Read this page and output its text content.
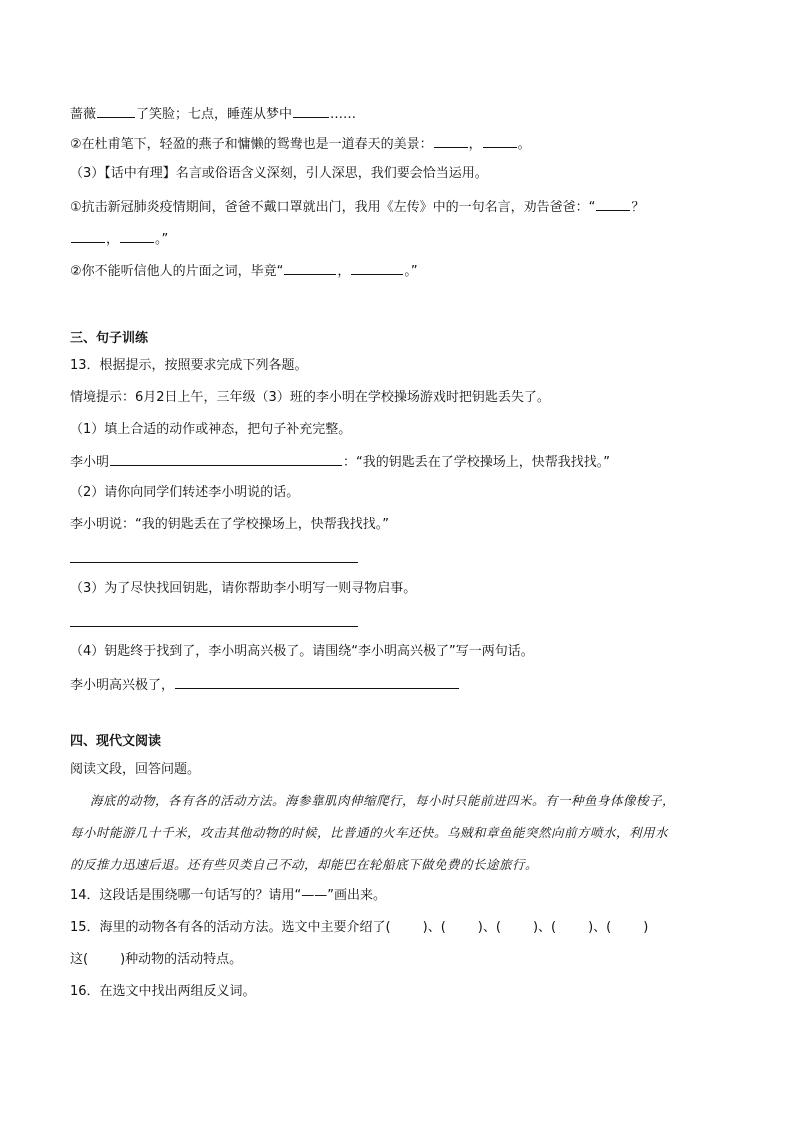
蔷薇	了笑脸；七点，睡莲从梦中	……
②在杜甫笔下，轻盈的燕子和慵懒的鸳鸯也是一道春天的美景：	，	。
（3）【话中有理】名言或俗语含义深刻，引人深思，我们要会恰当运用。
①抗击新冠肺炎疫情期间，爸爸不戴口罩就出门，我用《左传》中的一句名言，劝告爸爸：“	？
，	。”
②你不能听信他人的片面之词，毕竟“	，	。”
三、句子训练
13．根据提示，按照要求完成下列各题。
情境提示：6月2日上午，三年级（3）班的李小明在学校操场游戏时把钥匙丢失了。
（1）填上合适的动作或神态，把句子补充完整。
李小明	：“我的钥匙丢在了学校操场上，快帮我找找。”
（2）请你向同学们转述李小明说的话。
李小明说：“我的钥匙丢在了学校操场上，快帮我找找。”
（3）为了尽快找回钥匙，请你帮助李小明写一则寻物启事。
（4）钥匙终于找到了，李小明高兴极了。请围绕“李小明高兴极了”写一两句话。
李小明高兴极了，
四、现代文阅读
阅读文段，回答问题。
海底的动物，各有各的活动方法。海参靠肌肉伸缩爬行，每小时只能前进四米。有一种鱼身体像梭子，
每小时能游几十千米，攻击其他动物的时候，比普通的火车还快。乌贼和章鱼能突然向前方喷水，利用水
的反推力迅速后退。还有些贝类自己不动，却能巴在轮船底下做免费的长途旅行。
14．这段话是围绕哪一句话写的？请用“——”画出来。
15．海里的动物各有各的活动方法。选文中主要介绍了( )、( )、( )、( )、( )
这( )种动物的活动特点。
16．在选文中找出两组反义词。
